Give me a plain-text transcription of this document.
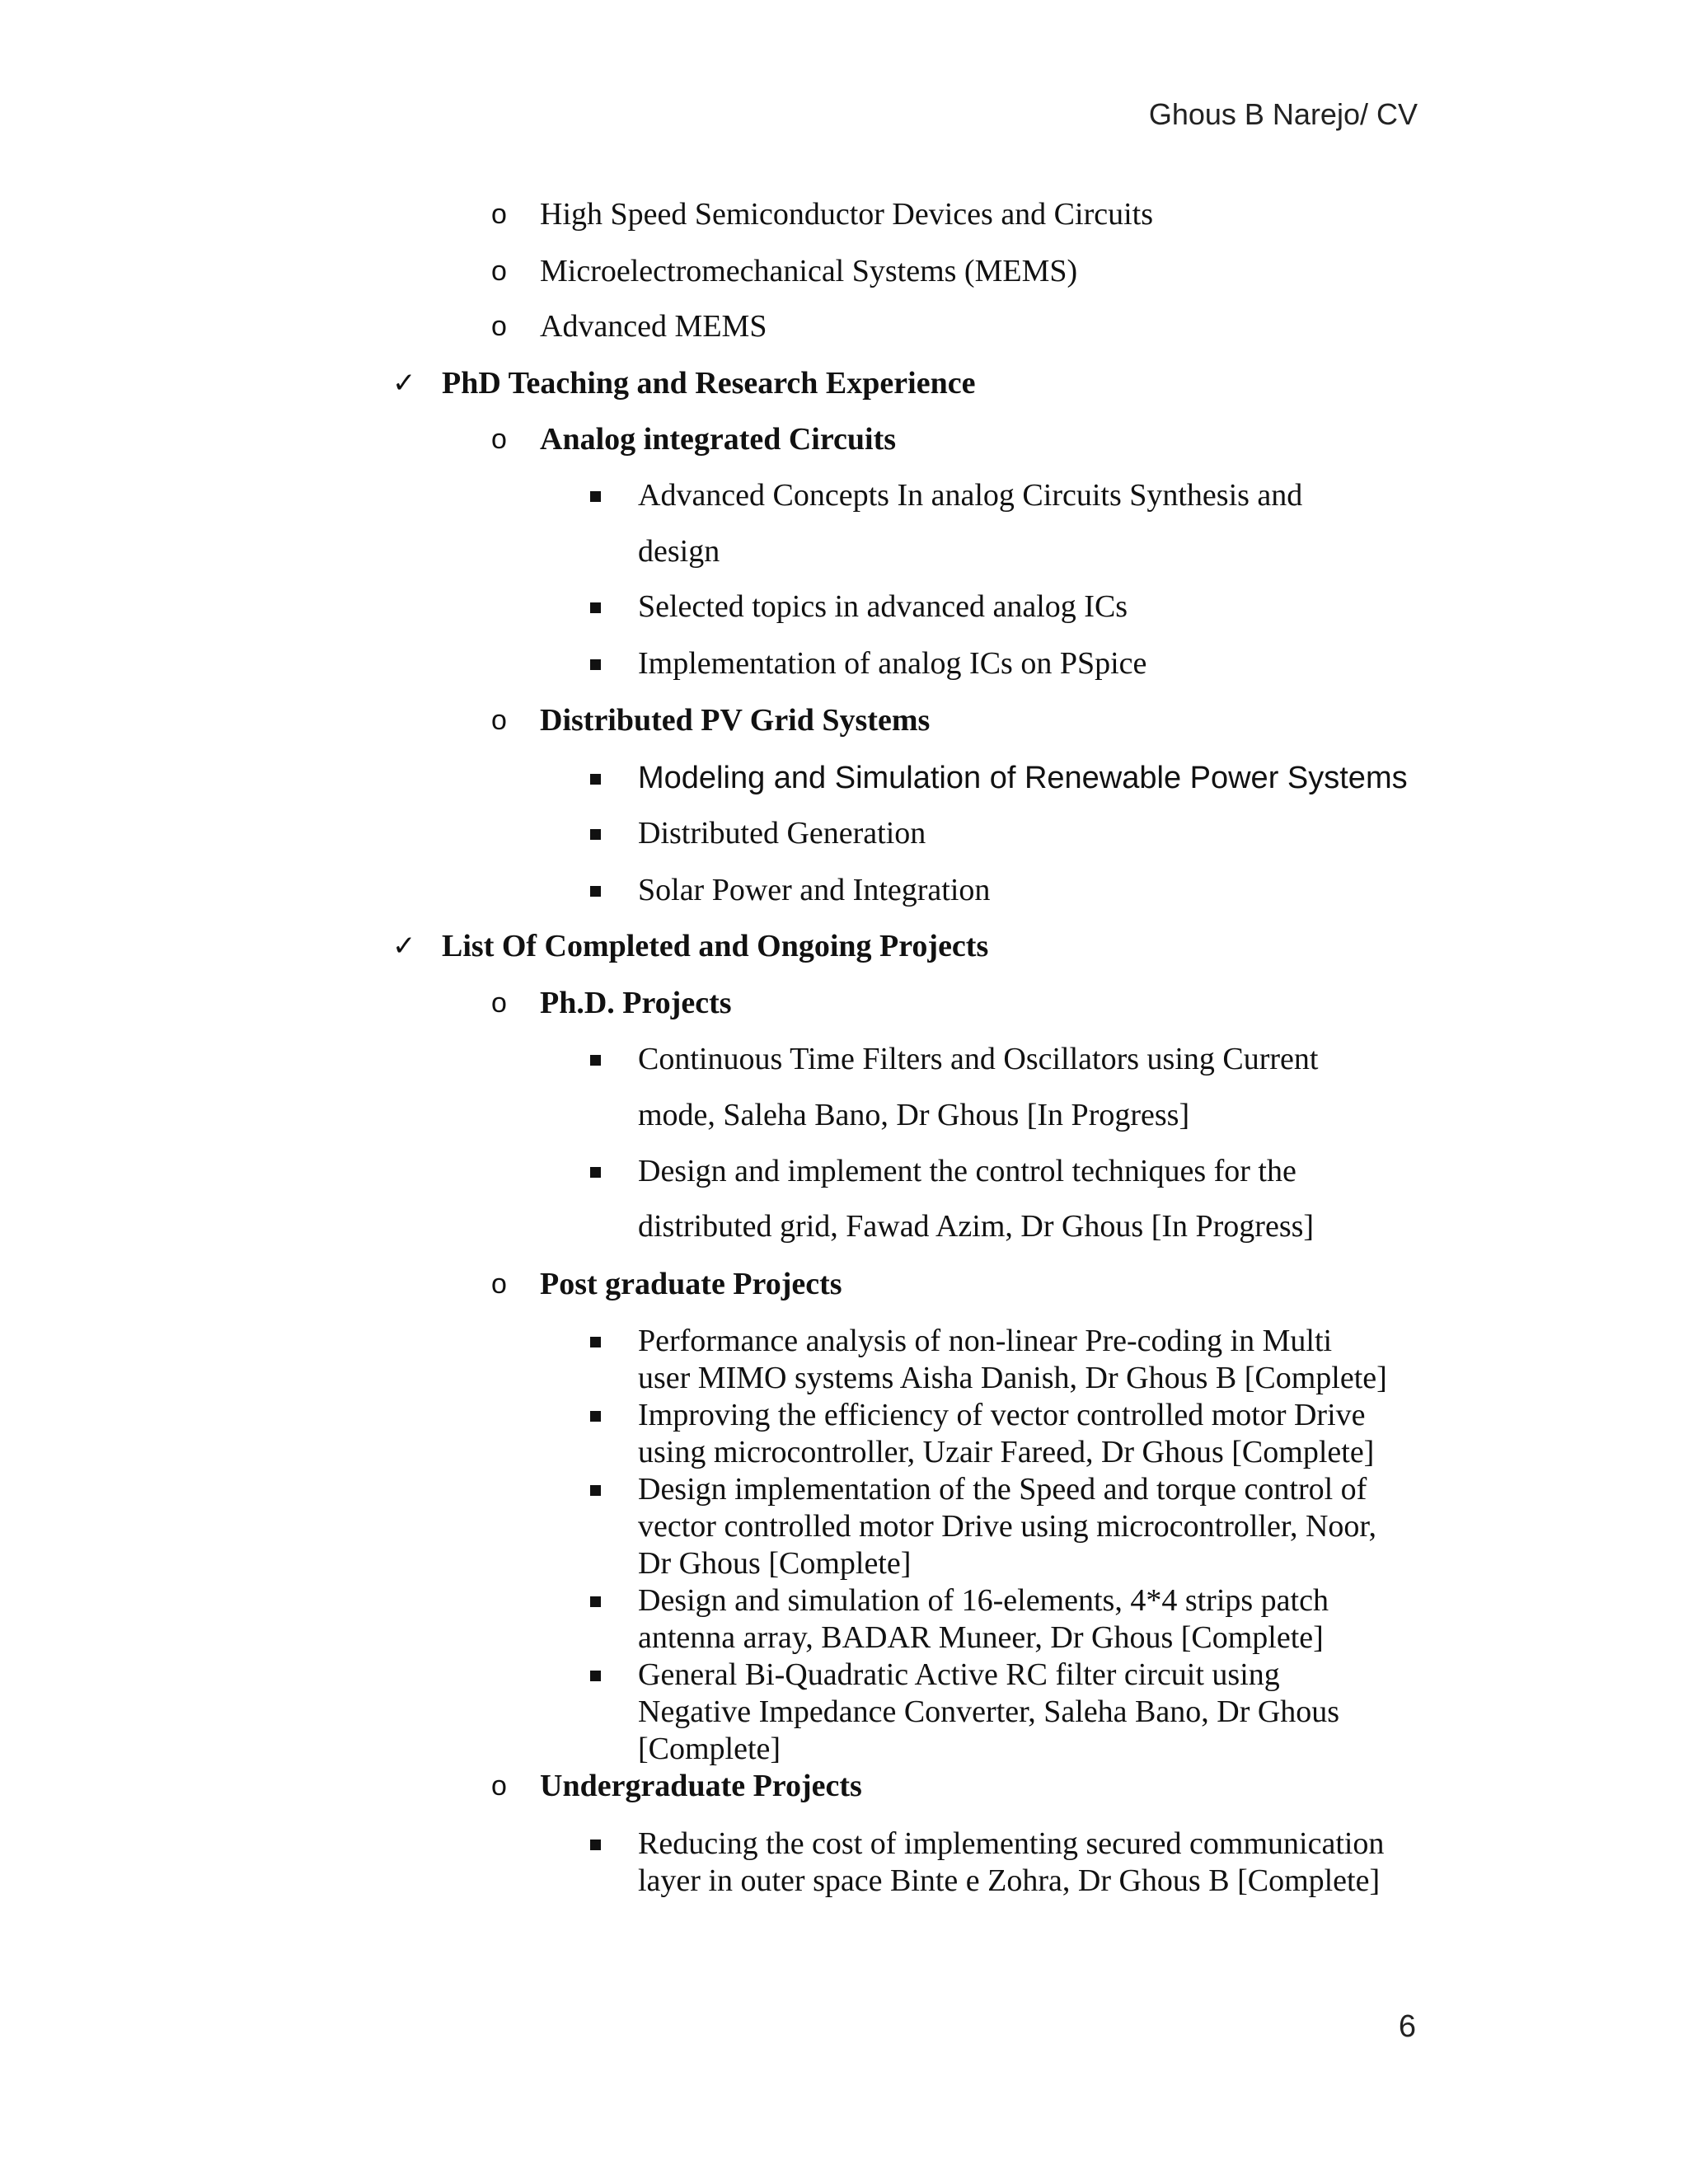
Ghous B Narejo/ CV
o High Speed Semiconductor Devices and Circuits
o Microelectromechanical Systems (MEMS)
o Advanced MEMS
✓ PhD Teaching and Research Experience
o Analog integrated Circuits
Advanced Concepts In analog Circuits Synthesis and
design
Selected topics in advanced analog ICs
Implementation of analog ICs on PSpice
o Distributed PV Grid Systems
Modeling and Simulation of Renewable Power Systems
Distributed Generation
Solar Power and Integration
✓ List Of Completed and Ongoing Projects
o Ph.D. Projects
Continuous Time Filters and Oscillators using Current
mode, Saleha Bano, Dr Ghous [In Progress]
Design and implement the control techniques for the
distributed grid, Fawad Azim, Dr Ghous [In Progress]
o Post graduate Projects
Performance analysis of non-linear Pre-coding in Multi
user MIMO systems Aisha Danish, Dr Ghous B [Complete]
Improving the efficiency of vector controlled motor Drive
using microcontroller, Uzair Fareed, Dr Ghous [Complete]
Design implementation of the Speed and torque control of
vector controlled motor Drive using microcontroller, Noor,
Dr Ghous [Complete]
Design and simulation of 16-elements, 4*4 strips patch
antenna array, BADAR Muneer, Dr Ghous [Complete]
General Bi-Quadratic Active RC filter circuit using
Negative Impedance Converter, Saleha Bano, Dr Ghous
[Complete]
o Undergraduate Projects
Reducing the cost of implementing secured communication
layer in outer space Binte e Zohra, Dr Ghous B [Complete]
6
